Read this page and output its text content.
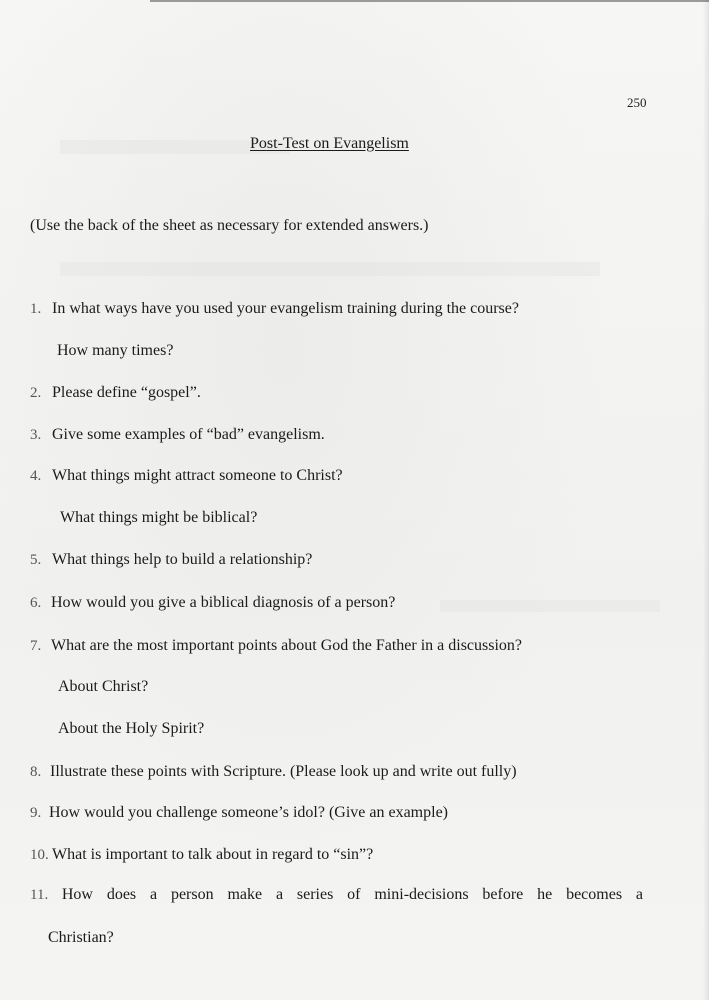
250
Post-Test on Evangelism
(Use the back of the sheet as necessary for extended answers.)
1. In what ways have you used your evangelism training during the course?
How many times?
2. Please define “gospel”.
3. Give some examples of “bad” evangelism.
4. What things might attract someone to Christ?
What things might be biblical?
5. What things help to build a relationship?
6. How would you give a biblical diagnosis of a person?
7. What are the most important points about God the Father in a discussion?
About Christ?
About the Holy Spirit?
8. Illustrate these points with Scripture. (Please look up and write out fully)
9. How would you challenge someone’s idol? (Give an example)
10. What is important to talk about in regard to “sin”?
11. How does a person make a series of mini-decisions before he becomes a
Christian?
